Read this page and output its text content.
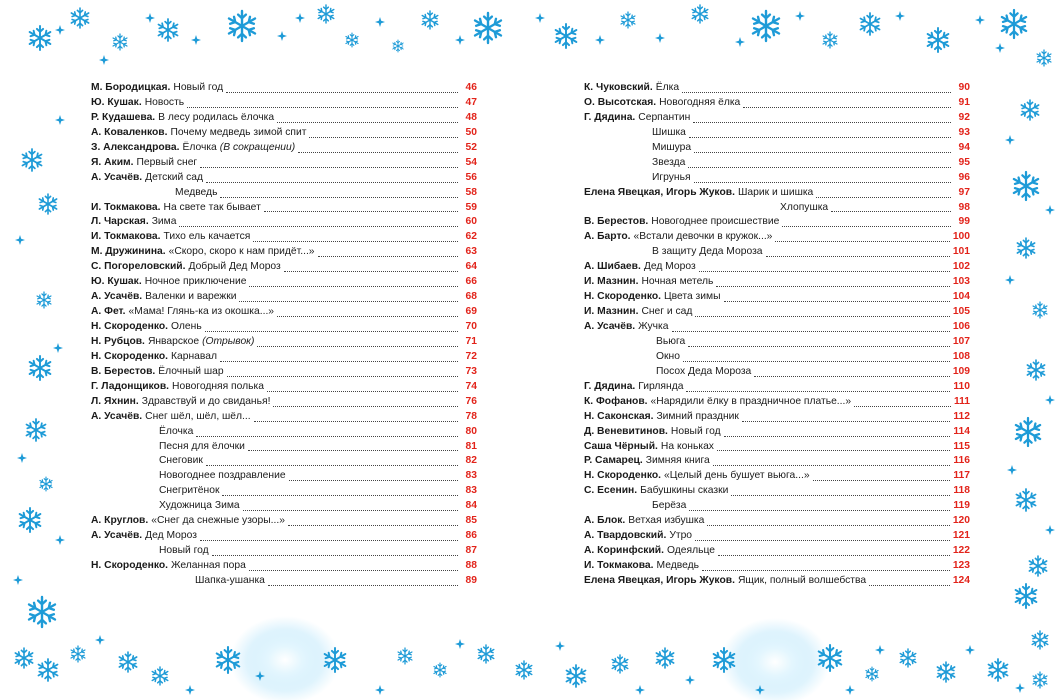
М. Бородицкая. Новый год	46
Ю. Кушак. Новость	47
Р. Кудашева. В лесу родилась ёлочка	48
А. Коваленков. Почему медведь зимой спит	50
З. Александрова. Ёлочка (В сокращении)	52
Я. Аким. Первый снег	54
А. Усачёв. Детский сад	56
Медведь	58
И. Токмакова. На свете так бывает	59
Л. Чарская. Зима	60
И. Токмакова. Тихо ель качается	62
М. Дружинина. «Скоро, скоро к нам придёт...»	63
С. Погореловский. Добрый Дед Мороз	64
Ю. Кушак. Ночное приключение	66
А. Усачёв. Валенки и варежки	68
А. Фет. «Мама! Глянь-ка из окошка...»	69
Н. Скороденко. Олень	70
Н. Рубцов. Январское (Отрывок)	71
Н. Скороденко. Карнавал	72
В. Берестов. Ёлочный шар	73
Г. Ладонщиков. Новогодняя полька	74
Л. Яхнин. Здравствуй и до свиданья!	76
А. Усачёв. Снег шёл, шёл, шёл...	78
Ёлочка	80
Песня для ёлочки	81
Снеговик	82
Новогоднее поздравление	83
Снегритёнок	83
Художница Зима	84
А. Круглов. «Снег да снежные узоры...»	85
А. Усачёв. Дед Мороз	86
Новый год	87
Н. Скороденко. Желанная пора	88
Шапка-ушанка	89
К. Чуковский. Ёлка	90
О. Высотская. Новогодняя ёлка	91
Г. Дядина. Серпантин	92
Шишка	93
Мишура	94
Звезда	95
Игрунья	96
Елена Явецкая, Игорь Жуков. Шарик и шишка	97
Хлопушка	98
В. Берестов. Новогоднее происшествие	99
А. Барто. «Встали девочки в кружок...»	100
В защиту Деда Мороза	101
А. Шибаев. Дед Мороз	102
И. Мазнин. Ночная метель	103
Н. Скороденко. Цвета зимы	104
И. Мазнин. Снег и сад	105
А. Усачёв. Жучка	106
Вьюга	107
Окно	108
Посох Деда Мороза	109
Г. Дядина. Гирлянда	110
К. Фофанов. «Нарядили ёлку в праздничное платье...»	111
Н. Саконская. Зимний праздник	112
Д. Веневитинов. Новый год	114
Саша Чёрный. На коньках	115
Р. Самарец. Зимняя книга	116
Н. Скороденко. «Целый день бушует вьюга...»	117
С. Есенин. Бабушкины сказки	118
Берёза	119
А. Блок. Ветхая избушка	120
А. Твардовский. Утро	121
А. Коринфский. Одеяльце	122
И. Токмакова. Медведь	123
Елена Явецкая, Игорь Жуков. Ящик, полный волшебства	124
